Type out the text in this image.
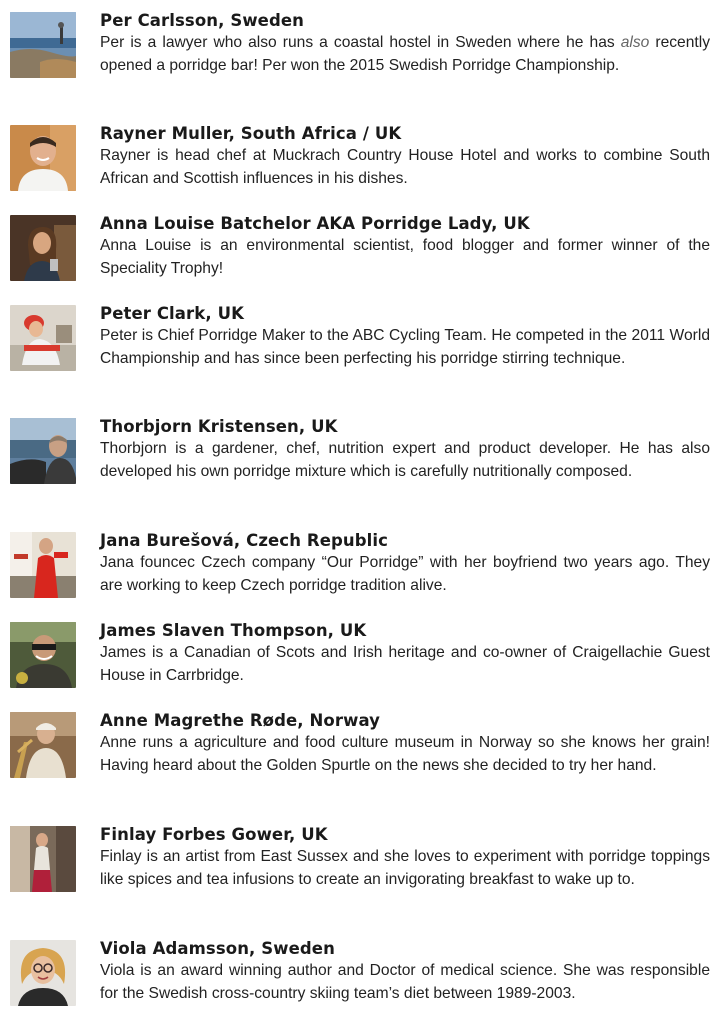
Per Carlsson, Sweden

Per is a lawyer who also runs a coastal hostel in Sweden where he has also recently opened a porridge bar! Per won the 2015 Swedish Porridge Championship.

Rayner Muller, South Africa / UK

Rayner is head chef at Muckrach Country House Hotel and works to combine South African and Scottish influences in his dishes.

Anna Louise Batchelor AKA Porridge Lady, UK

Anna Louise is an environmental scientist, food blogger and former winner of the Speciality Trophy!

Peter Clark, UK

Peter is Chief Porridge Maker to the ABC Cycling Team. He competed in the 2011 World Championship and has since been perfecting his porridge stirring technique.

Thorbjorn Kristensen, UK

Thorbjorn is a gardener, chef, nutrition expert and product developer. He has also developed his own porridge mixture which is carefully nutritionally composed.

Jana Burešová, Czech Republic

Jana founcec Czech company “Our Porridge” with her boyfriend two years ago. They are working to keep Czech porridge tradition alive.

James Slaven Thompson, UK

James is a Canadian of Scots and Irish heritage and co-owner of Craigellachie Guest House in Carrbridge.

Anne Magrethe Røde, Norway

Anne runs a agriculture and food culture museum in Norway so she knows her grain! Having heard about the Golden Spurtle on the news she decided to try her hand.

Finlay Forbes Gower, UK

Finlay is an artist from East Sussex and she loves to experiment with porridge toppings like spices and tea infusions to create an invigorating breakfast to wake up to.

Viola Adamsson, Sweden

Viola is an award winning author and Doctor of medical science. She was responsible for the Swedish cross-country skiing team’s diet between 1989-2003.
